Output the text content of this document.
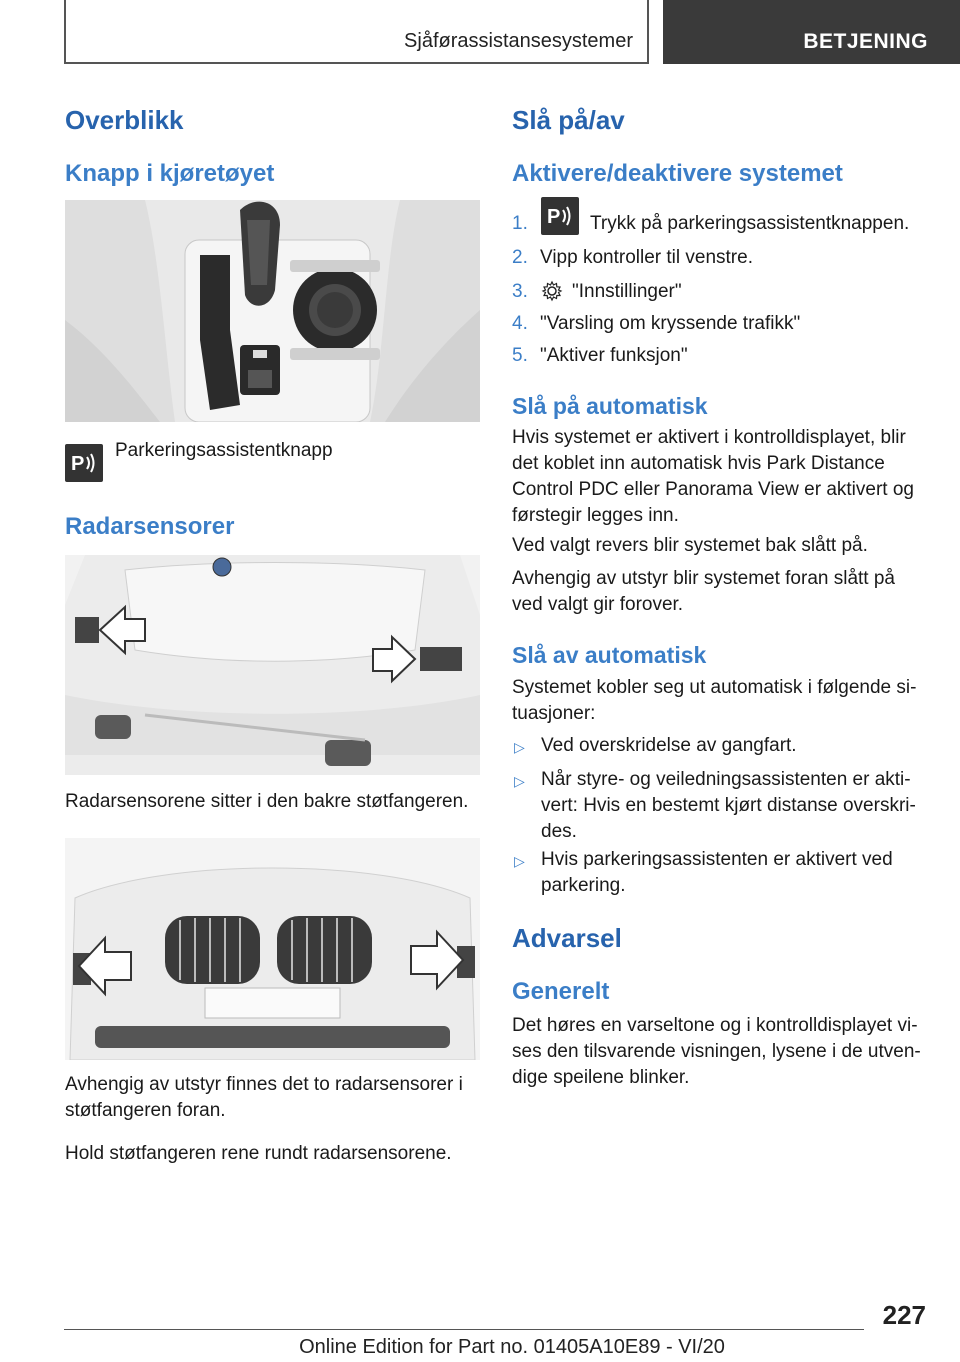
Sjåførassistansesystemer	BETJENING
Overblikk
Knapp i kjøretøyet
P
Parkeringsassistentknapp
Radarsensorer
Radarsensorene sitter i den bakre støtfangeren.
Avhengig av utstyr finnes det to radarsensorer i
støtfangeren foran.
Hold støtfangeren rene rundt radarsensorene.
Slå på/av
Aktivere/deaktivere systemet
1. P Trykk på parkeringsassistentknappen.
2. Vipp kontroller til venstre.
3. "Innstillinger"
4. "Varsling om kryssende trafikk"
5. "Aktiver funksjon"
Slå på automatisk
Hvis systemet er aktivert i kontrolldisplayet, blir
det koblet inn automatisk hvis Park Distance
Control PDC eller Panorama View er aktivert og
førstegir legges inn.
Ved valgt revers blir systemet bak slått på.
Avhengig av utstyr blir systemet foran slått på
ved valgt gir forover.
Slå av automatisk
Systemet kobler seg ut automatisk i følgende si-
tuasjoner:
▷ Ved overskridelse av gangfart.
▷ Når styre- og veiledningsassistenten er akti-
vert: Hvis en bestemt kjørt distanse overskri-
des.
▷ Hvis parkeringsassistenten er aktivert ved
parkering.
Advarsel
Generelt
Det høres en varseltone og i kontrolldisplayet vi-
ses den tilsvarende visningen, lysene i de utven-
dige speilene blinker.
227
Online Edition for Part no. 01405A10E89 - VI/20
